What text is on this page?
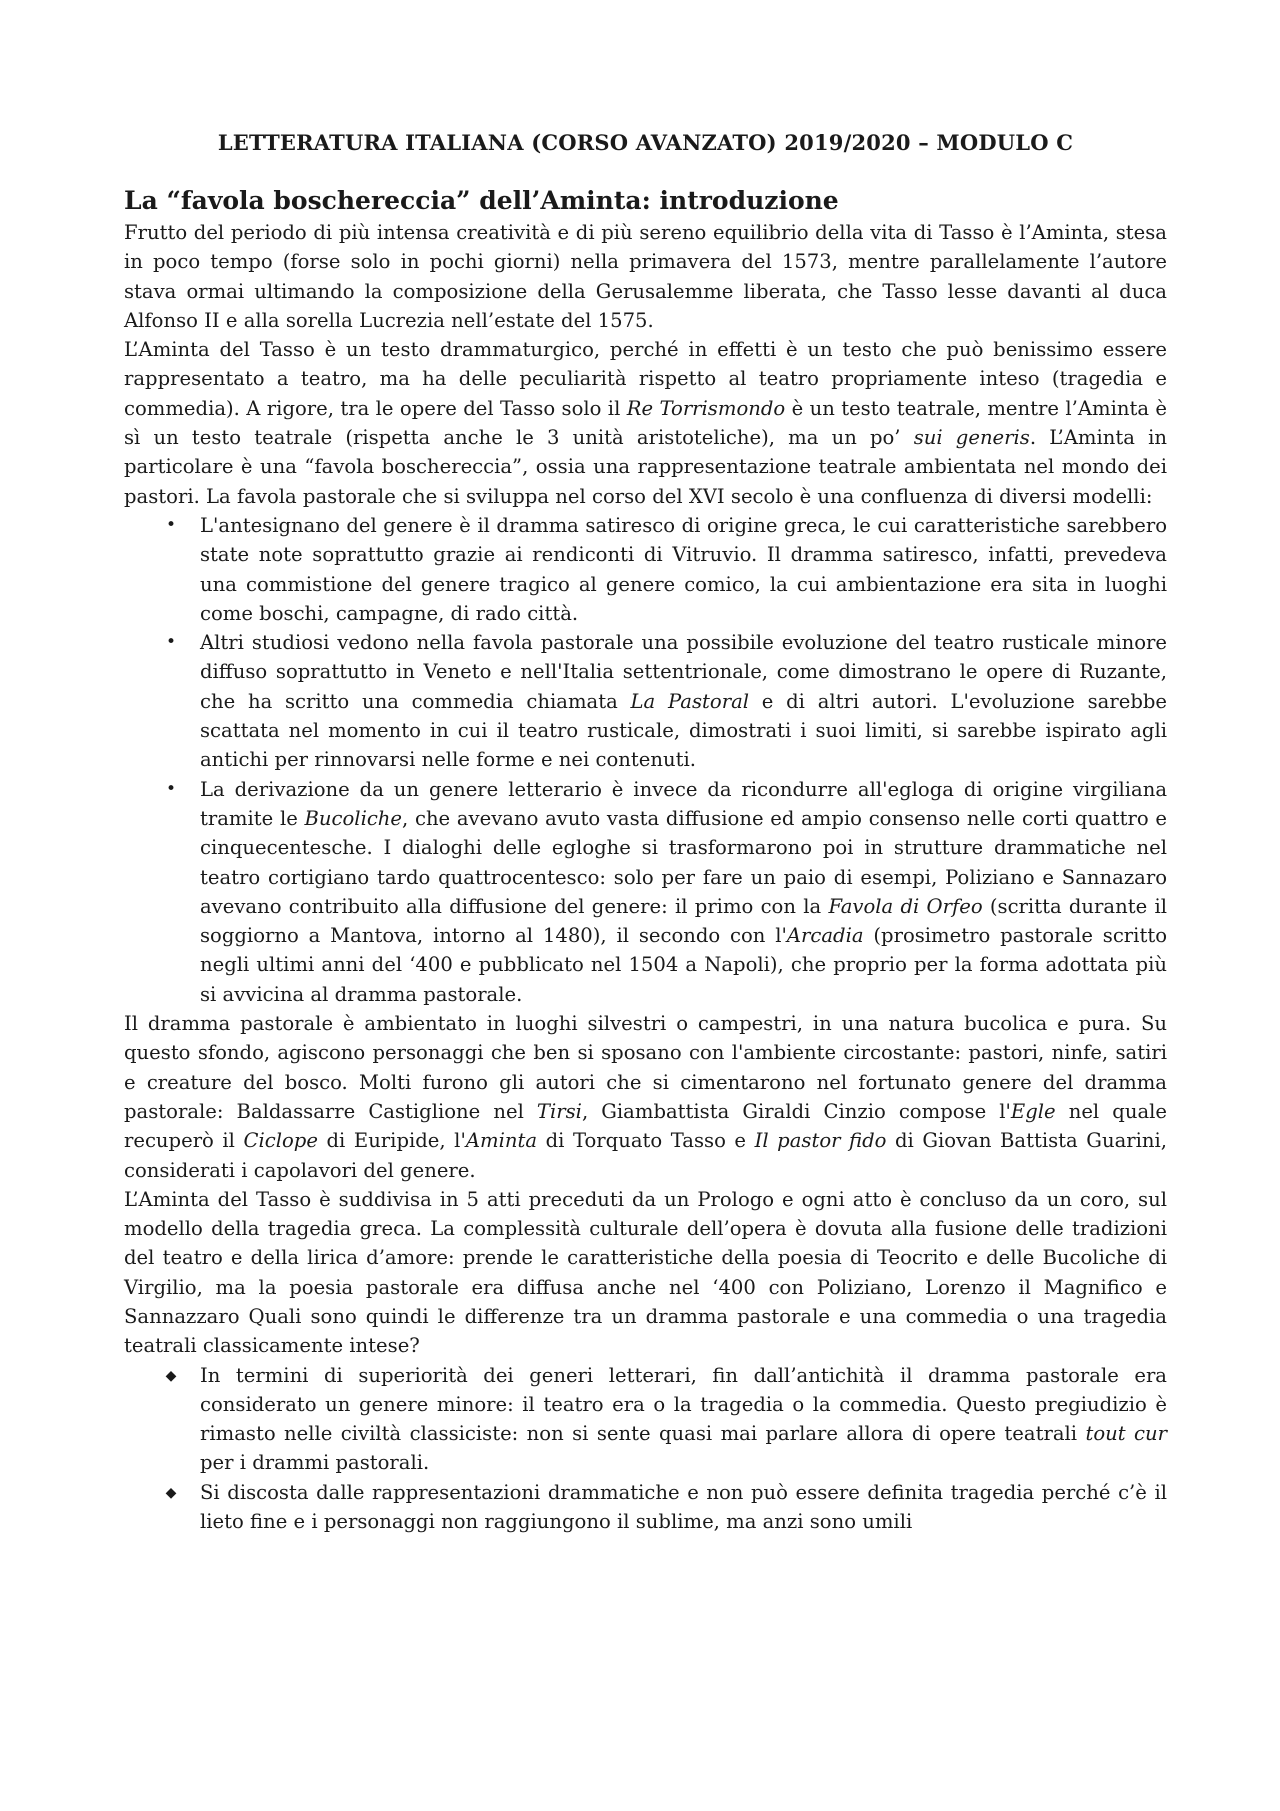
LETTERATURA ITALIANA (CORSO AVANZATO) 2019/2020 – MODULO C
La “favola boschereccia” dell’Aminta: introduzione

Frutto del periodo di più intensa creatività e di più sereno equilibrio della vita di Tasso è l’Aminta, stesa in poco tempo (forse solo in pochi giorni) nella primavera del 1573, mentre parallelamente l’autore stava ormai ultimando la composizione della Gerusalemme liberata, che Tasso lesse davanti al duca Alfonso II e alla sorella Lucrezia nell’estate del 1575.

L’Aminta del Tasso è un testo drammaturgico, perché in effetti è un testo che può benissimo essere rappresentato a teatro, ma ha delle peculiarità rispetto al teatro propriamente inteso (tragedia e commedia). A rigore, tra le opere del Tasso solo il Re Torrismondo è un testo teatrale, mentre l’Aminta è sì un testo teatrale (rispetta anche le 3 unità aristoteliche), ma un po’ sui generis. L’Aminta in particolare è una “favola boschereccia”, ossia una rappresentazione teatrale ambientata nel mondo dei pastori. La favola pastorale che si sviluppa nel corso del XVI secolo è una confluenza di diversi modelli:

• L'antesignano del genere è il dramma satiresco di origine greca, le cui caratteristiche sarebbero state note soprattutto grazie ai rendiconti di Vitruvio. Il dramma satiresco, infatti, prevedeva una commistione del genere tragico al genere comico, la cui ambientazione era sita in luoghi come boschi, campagne, di rado città.
• Altri studiosi vedono nella favola pastorale una possibile evoluzione del teatro rusticale minore diffuso soprattutto in Veneto e nell'Italia settentrionale, come dimostrano le opere di Ruzante, che ha scritto una commedia chiamata La Pastoral e di altri autori. L'evoluzione sarebbe scattata nel momento in cui il teatro rusticale, dimostrati i suoi limiti, si sarebbe ispirato agli antichi per rinnovarsi nelle forme e nei contenuti.
• La derivazione da un genere letterario è invece da ricondurre all'egloga di origine virgiliana tramite le Bucoliche, che avevano avuto vasta diffusione ed ampio consenso nelle corti quattro e cinquecentesche. I dialoghi delle egloghe si trasformarono poi in strutture drammatiche nel teatro cortigiano tardo quattrocentesco: solo per fare un paio di esempi, Poliziano e Sannazaro avevano contribuito alla diffusione del genere: il primo con la Favola di Orfeo (scritta durante il soggiorno a Mantova, intorno al 1480), il secondo con l'Arcadia (prosimetro pastorale scritto negli ultimi anni del ‘400 e pubblicato nel 1504 a Napoli), che proprio per la forma adottata più si avvicina al dramma pastorale.

Il dramma pastorale è ambientato in luoghi silvestri o campestri, in una natura bucolica e pura. Su questo sfondo, agiscono personaggi che ben si sposano con l'ambiente circostante: pastori, ninfe, satiri e creature del bosco. Molti furono gli autori che si cimentarono nel fortunato genere del dramma pastorale: Baldassarre Castiglione nel Tirsi, Giambattista Giraldi Cinzio compose l'Egle nel quale recuperò il Ciclope di Euripide, l'Aminta di Torquato Tasso e Il pastor fido di Giovan Battista Guarini, considerati i capolavori del genere.

L’Aminta del Tasso è suddivisa in 5 atti preceduti da un Prologo e ogni atto è concluso da un coro, sul modello della tragedia greca. La complessità culturale dell’opera è dovuta alla fusione delle tradizioni del teatro e della lirica d’amore: prende le caratteristiche della poesia di Teocrito e delle Bucoliche di Virgilio, ma la poesia pastorale era diffusa anche nel ‘400 con Poliziano, Lorenzo il Magnifico e Sannazzaro Quali sono quindi le differenze tra un dramma pastorale e una commedia o una tragedia teatrali classicamente intese?

◆ In termini di superiorità dei generi letterari, fin dall’antichità il dramma pastorale era considerato un genere minore: il teatro era o la tragedia o la commedia. Questo pregiudizio è rimasto nelle civiltà classiciste: non si sente quasi mai parlare allora di opere teatrali tout cur per i drammi pastorali.
◆ Si discosta dalle rappresentazioni drammatiche e non può essere definita tragedia perché c’è il lieto fine e i personaggi non raggiungono il sublime, ma anzi sono umili
